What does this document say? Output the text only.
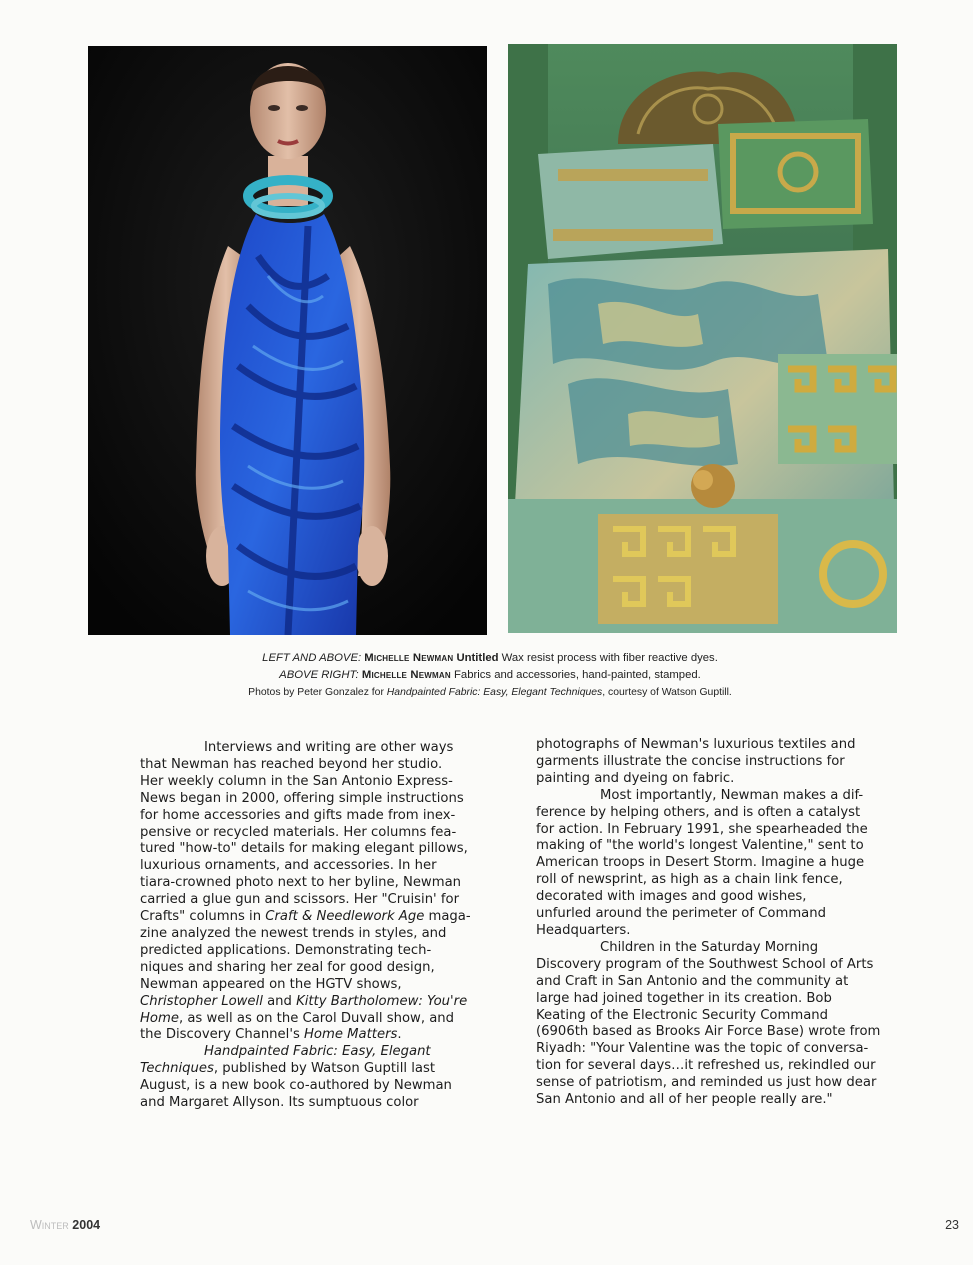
LEFT AND ABOVE: Michelle Newman Untitled Wax resist process with fiber reactive dyes.
ABOVE RIGHT: Michelle Newman Fabrics and accessories, hand-painted, stamped.
Photos by Peter Gonzalez for Handpainted Fabric: Easy, Elegant Techniques, courtesy of Watson Guptill.
Interviews and writing are other ways
that Newman has reached beyond her studio.
Her weekly column in the San Antonio Express-
News began in 2000, offering simple instructions
for home accessories and gifts made from inex-
pensive or recycled materials. Her columns fea-
tured "how-to" details for making elegant pillows,
luxurious ornaments, and accessories. In her
tiara-crowned photo next to her byline, Newman
carried a glue gun and scissors. Her "Cruisin' for
Crafts" columns in Craft & Needlework Age maga-
zine analyzed the newest trends in styles, and
predicted applications. Demonstrating tech-
niques and sharing her zeal for good design,
Newman appeared on the HGTV shows,
Christopher Lowell and Kitty Bartholomew: You're
Home, as well as on the Carol Duvall show, and
the Discovery Channel's Home Matters.
Handpainted Fabric: Easy, Elegant
Techniques, published by Watson Guptill last
August, is a new book co-authored by Newman
and Margaret Allyson. Its sumptuous color
photographs of Newman's luxurious textiles and
garments illustrate the concise instructions for
painting and dyeing on fabric.
Most importantly, Newman makes a dif-
ference by helping others, and is often a catalyst
for action. In February 1991, she spearheaded the
making of "the world's longest Valentine," sent to
American troops in Desert Storm. Imagine a huge
roll of newsprint, as high as a chain link fence,
decorated with images and good wishes,
unfurled around the perimeter of Command
Headquarters.
Children in the Saturday Morning
Discovery program of the Southwest School of Arts
and Craft in San Antonio and the community at
large had joined together in its creation. Bob
Keating of the Electronic Security Command
(6906th based as Brooks Air Force Base) wrote from
Riyadh: "Your Valentine was the topic of conversa-
tion for several days…it refreshed us, rekindled our
sense of patriotism, and reminded us just how dear
San Antonio and all of her people really are."
Winter 2004	23
